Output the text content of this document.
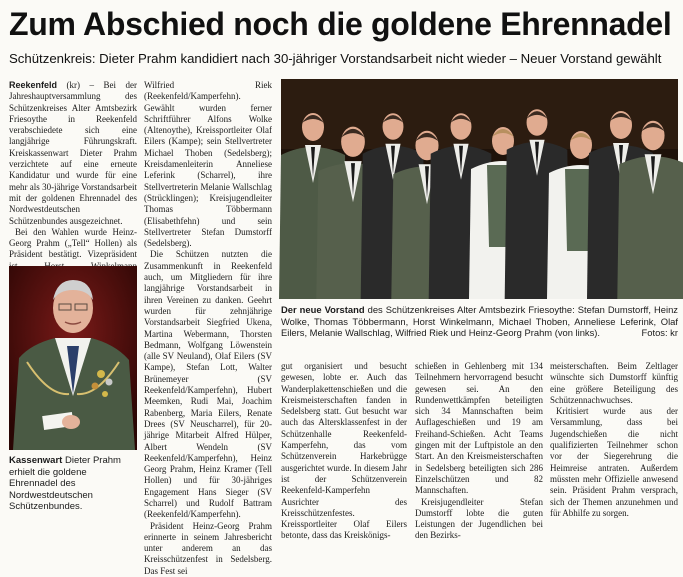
Zum Abschied noch die goldene Ehrennadel
Schützenkreis: Dieter Prahm kandidiert nach 30-jähriger Vorstandsarbeit nicht wieder – Neuer Vorstand gewählt

Reekenfeld (kr) – Bei der Jahreshauptversammlung des Schützenkreises Alter Amtsbezirk Friesoythe in Reekenfeld verabschiedete sich eine langjährige Führungskraft. Kreiskassenwart Dieter Prahm verzichtete auf eine erneute Kandidatur und wurde für eine mehr als 30-jährige Vorstandsarbeit mit der goldenen Ehrennadel des Nordwestdeutschen Schützenbundes ausgezeichnet.

Bei den Wahlen wurde Heinz-Georg Prahm („Tell“ Hollen) als Präsident bestätigt. Vizepräsident

Kassenwart Dieter Prahm erhielt die goldene Ehrennadel des Nordwestdeutschen Schützenbundes.

Wilfried Riek (Reekenfeld/Kamperfehn). Gewählt wurden ferner Schriftführer Alfons Wolke (Altenoythe), Kreissportleiter Olaf Eilers (Kampe); sein Stellvertreter Michael Thoben (Sedelsberg); Kreisdamenleiterin Anneliese Leferink (Scharrel), ihre Stellvertreterin Melanie Wallschlag (Strücklingen); Kreisjugendleiter Thomas Többermann (Elisabethfehn) und sein Stellvertreter Stefan Dumstorff (Sedelsberg).

Die Schützen nutzten die Zusammenkunft in Reekenfeld auch, um Mitgliedern für ihre langjährige Vorstandsarbeit in ihren Vereinen zu danken. Geehrt wurden für zehnjährige Vorstandsarbeit Siegfried Ukena, Martina Webermann, Thorsten Bedmann, Wolfgang Löwenstein (alle SV Neuland), Olaf Eilers (SV Kampe), Stefan Lott, Walter Brünemeyer (SV Reekenfeld/Kamperfehn), Hubert Meemken, Rudi Mai, Joachim Rabenberg, Maria Eilers, Renate Drees (SV Neuscharrel), für 20-jährige Mitarbeit Alfred Hülper, Albert Wendeln (SV Reekenfeld/Kamperfehn), Heinz Georg Prahm, Heinz Kramer (Tell Hollen) und für 30-jähriges Engagement Hans Sieger (SV Scharrel) und Rudolf Battram (Reekenfeld/Kamperfehn).

Präsident Heinz-Georg Prahm erinnerte in seinem Jahresbericht unter anderem an das Kreisschützenfest in Sedelsberg. Das Fest sei

Der neue Vorstand des Schützenkreises Alter Amtsbezirk Friesoythe: Stefan Dumstorff, Heinz Wolke, Thomas Többermann, Horst Winkelmann, Michael Thoben, Anneliese Leferink, Olaf Eilers, Melanie Wallschlag, Wilfried Riek und Heinz-Georg Prahm (von links).	Fotos: kr

gut organisiert und besucht gewesen, lobte er. Auch das Wanderplakettenschießen und die Kreismeisterschaften fanden in Sedelsberg statt. Gut besucht war auch das Altersklassenfest in der Schützenhalle Reekenfeld-Kamperfehn, das vom Schützenverein Harkebrügge ausgerichtet wurde. In diesem Jahr ist der Schützenverein Reekenfeld-Kamperfehn Ausrichter des Kreisschützenfestes. Kreissportleiter Olaf Eilers betonte, dass das Kreiskönigs-

schießen in Gehlenberg mit 134 Teilnehmern hervorragend besucht gewesen sei. An den Rundenwettkämpfen beteiligten sich 34 Mannschaften beim Auflageschießen und 19 am Freihand-Schießen. Acht Teams gingen mit der Luftpistole an den Start. An den Kreismeisterschaften in Sedelsberg beteiligten sich 286 Einzelschützen und 82 Mannschaften.

Kreisjugendleiter Stefan Dumstorff lobte die guten Leistungen der Jugendlichen bei den Bezirks-

meisterschaften. Beim Zeltlager wünschte sich Dumstorff künftig eine größere Beteiligung des Schützennachwuchses.

Kritisiert wurde aus der Versammlung, dass bei Jugendschießen die nicht qualifizierten Teilnehmer schon vor der Siegerehrung die Heimreise antraten. Außerdem müssten mehr Offizielle anwesend sein. Präsident Prahm versprach, sich der Themen anzunehmen und für Abhilfe zu sorgen.
